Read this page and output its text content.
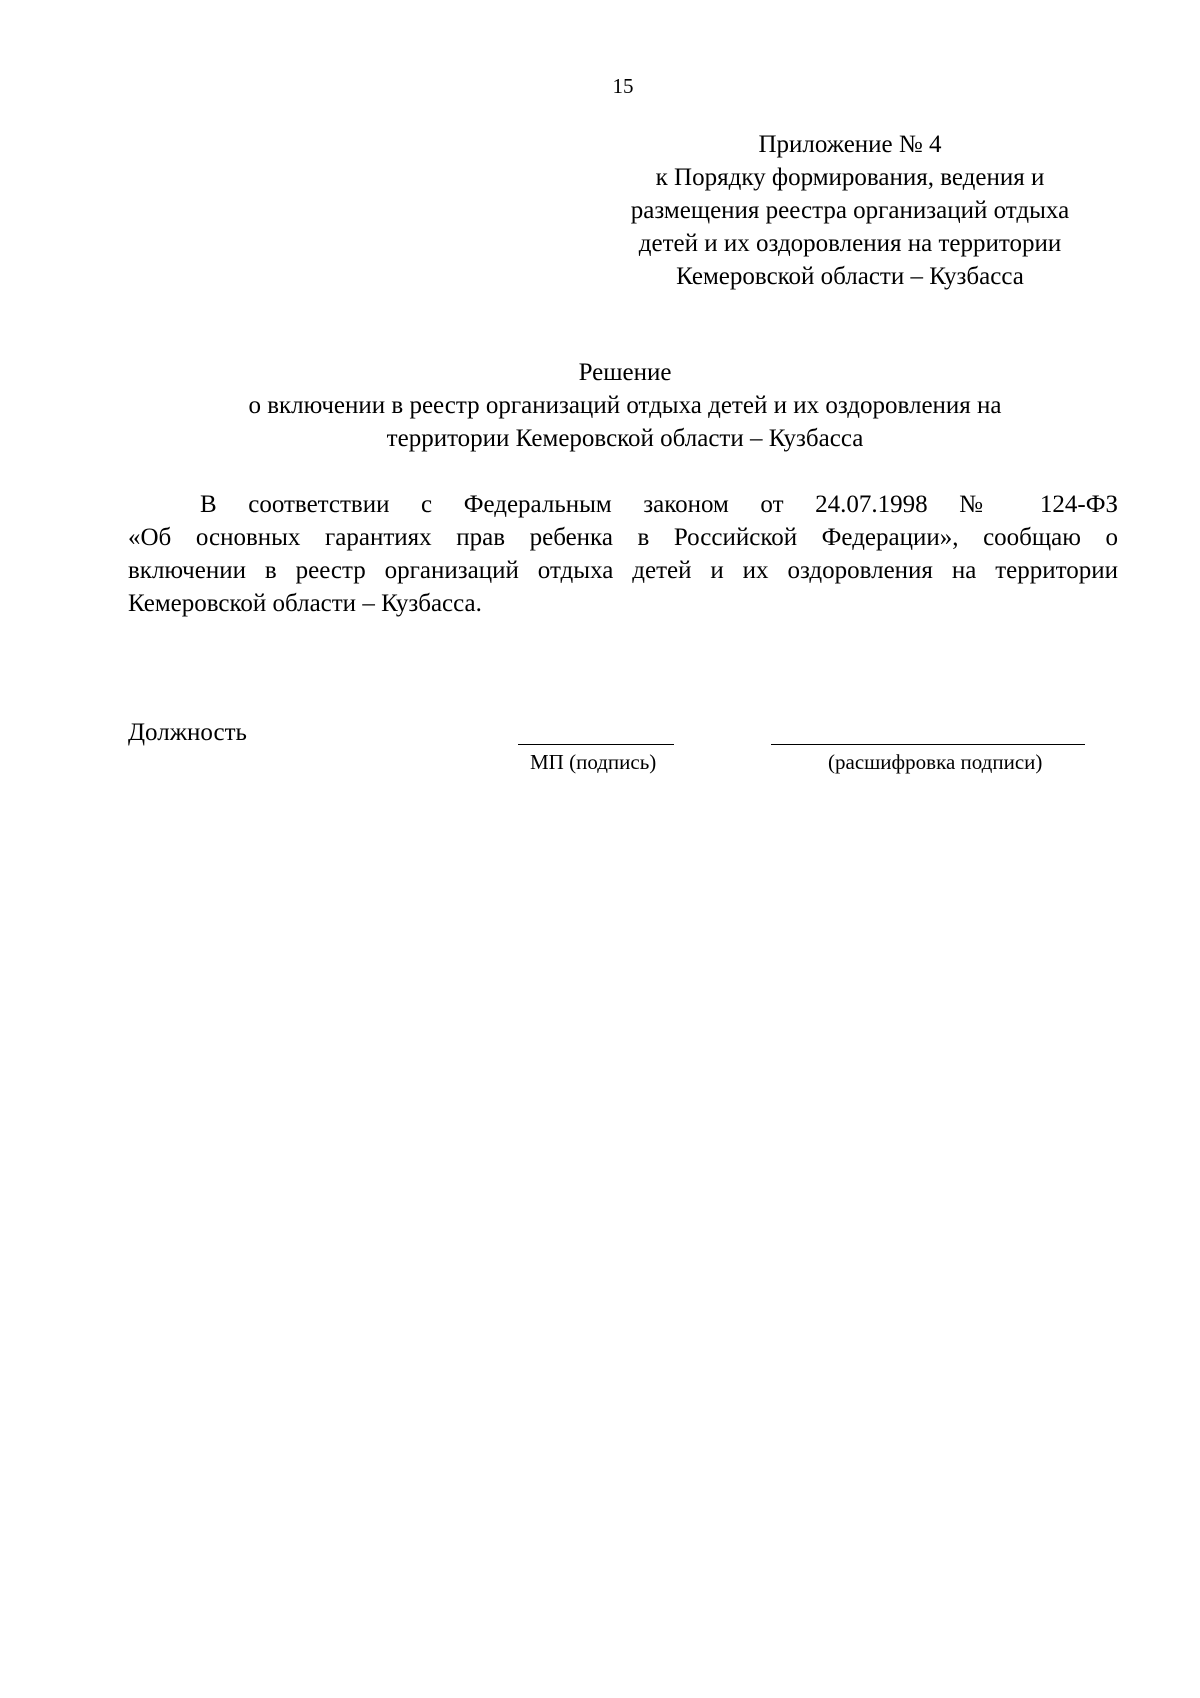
15
Приложение № 4
к Порядку формирования, ведения и
размещения реестра организаций отдыха
детей и их оздоровления на территории
Кемеровской области – Кузбасса
Решение
о включении в реестр организаций отдыха детей и их оздоровления на
территории Кемеровской области – Кузбасса
В соответствии с Федеральным законом от 24.07.1998 № 124-ФЗ
«Об основных гарантиях прав ребенка в Российской Федерации», сообщаю о
включении в реестр организаций отдыха детей и их оздоровления на территории
Кемеровской области – Кузбасса.
Должность
МП (подпись)	(расшифровка подписи)
